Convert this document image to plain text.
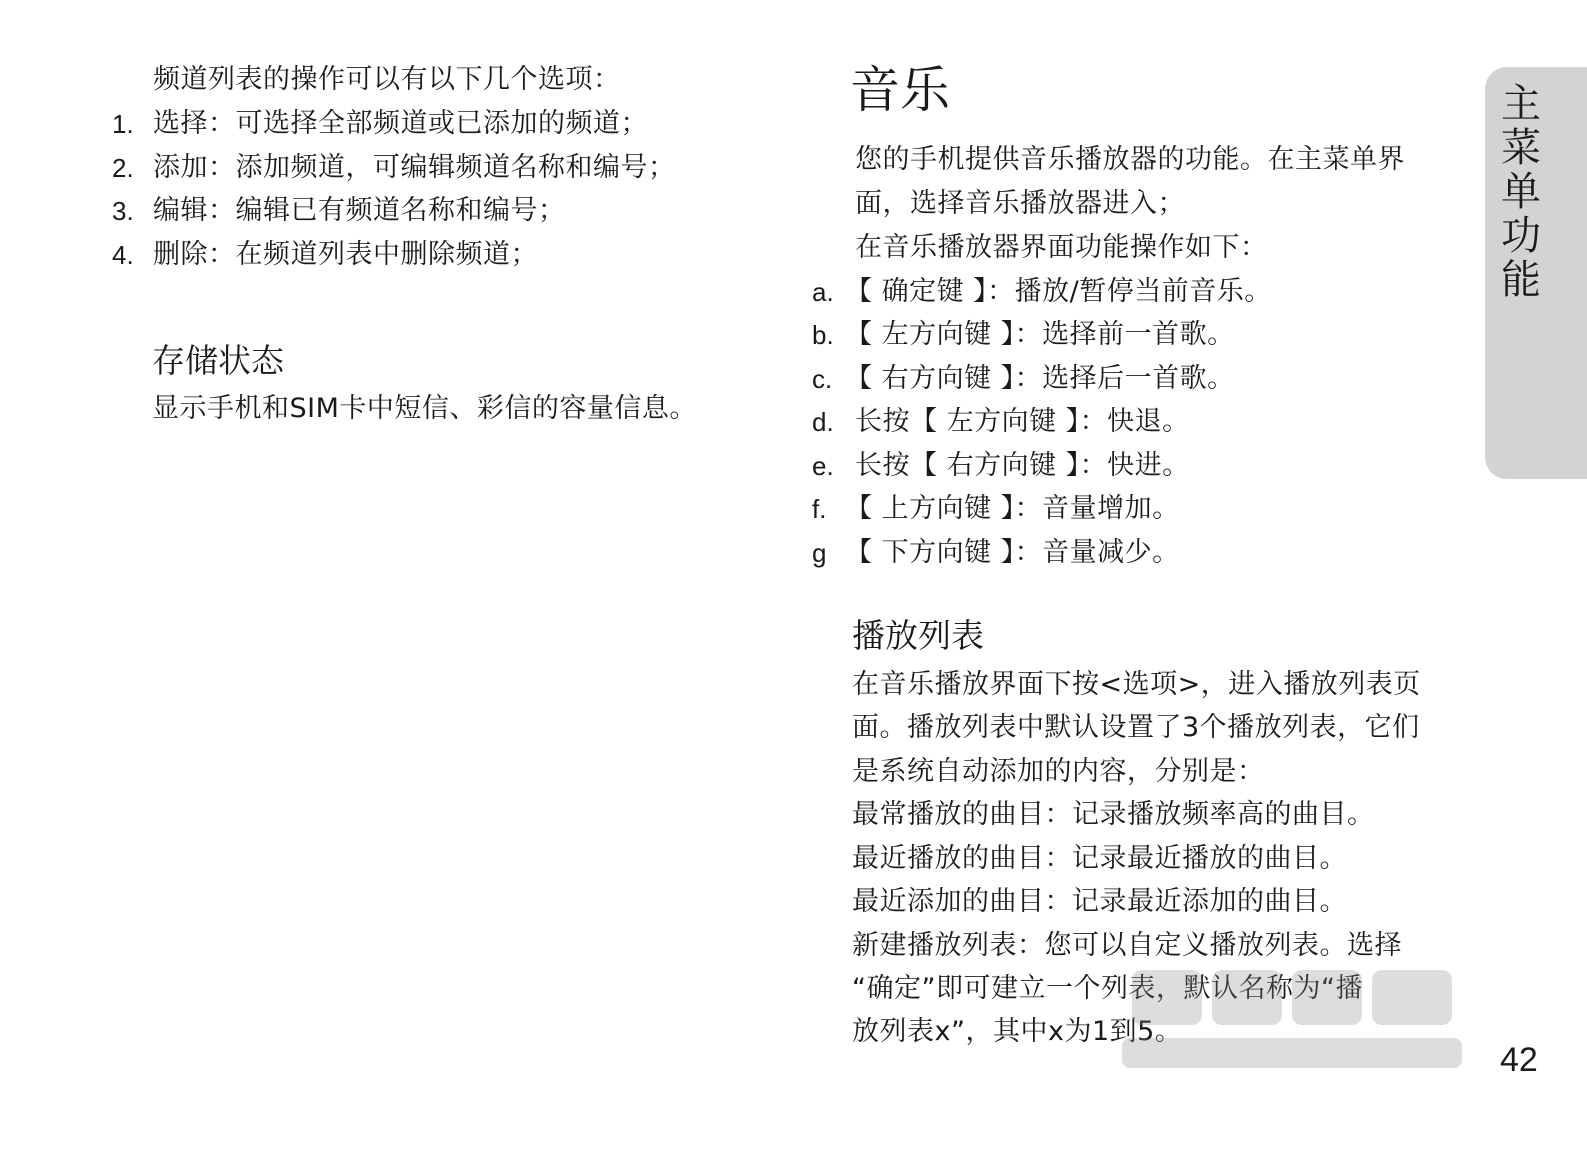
频道列表的操作可以有以下几个选项：
1. 选择：可选择全部频道或已添加的频道；
2. 添加：添加频道，可编辑频道名称和编号；
3. 编辑：编辑已有频道名称和编号；
4. 删除：在频道列表中删除频道；
存储状态
显示手机和SIM卡中短信、彩信的容量信息。
音乐
您的手机提供音乐播放器的功能。在主菜单界
面，选择音乐播放器进入；
在音乐播放器界面功能操作如下：
a. 【 确定键 】：播放/暂停当前音乐。
b. 【 左方向键 】：选择前一首歌。
c. 【 右方向键 】：选择后一首歌。
d. 长按【 左方向键 】：快退。
e. 长按【 右方向键 】：快进。
f. 【 上方向键 】：音量增加。
g 【 下方向键 】：音量减少。
播放列表
在音乐播放界面下按<选项>，进入播放列表页
面。播放列表中默认设置了3个播放列表，它们
是系统自动添加的内容，分别是：
最常播放的曲目：记录播放频率高的曲目。
最近播放的曲目：记录最近播放的曲目。
最近添加的曲目：记录最近添加的曲目。
新建播放列表：您可以自定义播放列表。选择
“确定”即可建立一个列表，默认名称为“播
放列表x”，其中x为1到5。
主菜单功能
42
